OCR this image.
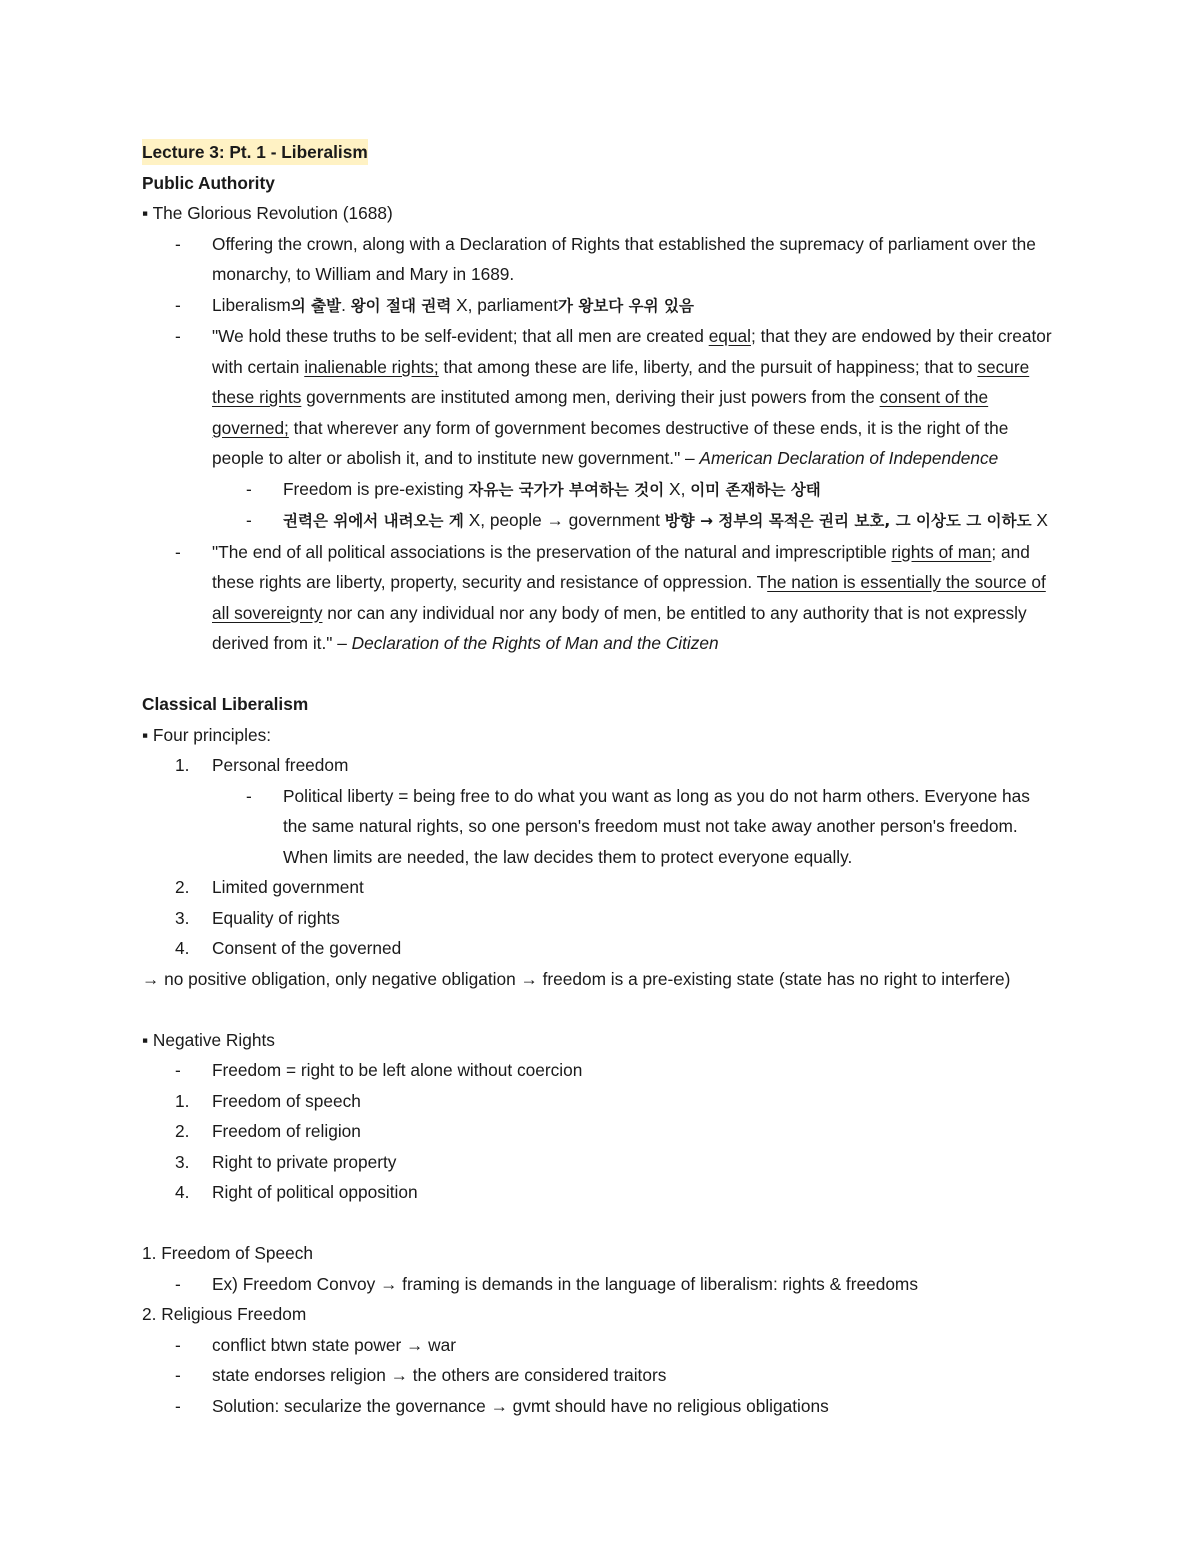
Lecture 3: Pt. 1 - Liberalism
Public Authority
▪ The Glorious Revolution (1688)
- Offering the crown, along with a Declaration of Rights that established the supremacy of parliament over the monarchy, to William and Mary in 1689.
- Liberalism의 출발. 왕이 절대 권력 X, parliament가 왕보다 우위 있음
- "We hold these truths to be self-evident; that all men are created equal; that they are endowed by their creator with certain inalienable rights; that among these are life, liberty, and the pursuit of happiness; that to secure these rights governments are instituted among men, deriving their just powers from the consent of the governed; that wherever any form of government becomes destructive of these ends, it is the right of the people to alter or abolish it, and to institute new government." – American Declaration of Independence
- Freedom is pre-existing 자유는 국가가 부여하는 것이 X, 이미 존재하는 상태
- 권력은 위에서 내려오는 게 X, people → government 방향 → 정부의 목적은 권리 보호, 그 이상도 그 이하도 X
- "The end of all political associations is the preservation of the natural and imprescriptible rights of man; and these rights are liberty, property, security and resistance of oppression. The nation is essentially the source of all sovereignty nor can any individual nor any body of men, be entitled to any authority that is not expressly derived from it." – Declaration of the Rights of Man and the Citizen
Classical Liberalism
▪ Four principles:
1. Personal freedom
- Political liberty = being free to do what you want as long as you do not harm others. Everyone has
the same natural rights, so one person's freedom must not take away another person's freedom.
When limits are needed, the law decides them to protect everyone equally.
2. Limited government
3. Equality of rights
4. Consent of the governed
→ no positive obligation, only negative obligation → freedom is a pre-existing state (state has no right to interfere)
▪ Negative Rights
- Freedom = right to be left alone without coercion
1. Freedom of speech
2. Freedom of religion
3. Right to private property
4. Right of political opposition
1. Freedom of Speech
- Ex) Freedom Convoy → framing is demands in the language of liberalism: rights & freedoms
2. Religious Freedom
- conflict btwn state power → war
- state endorses religion → the others are considered traitors
- Solution: secularize the governance → gvmt should have no religious obligations
